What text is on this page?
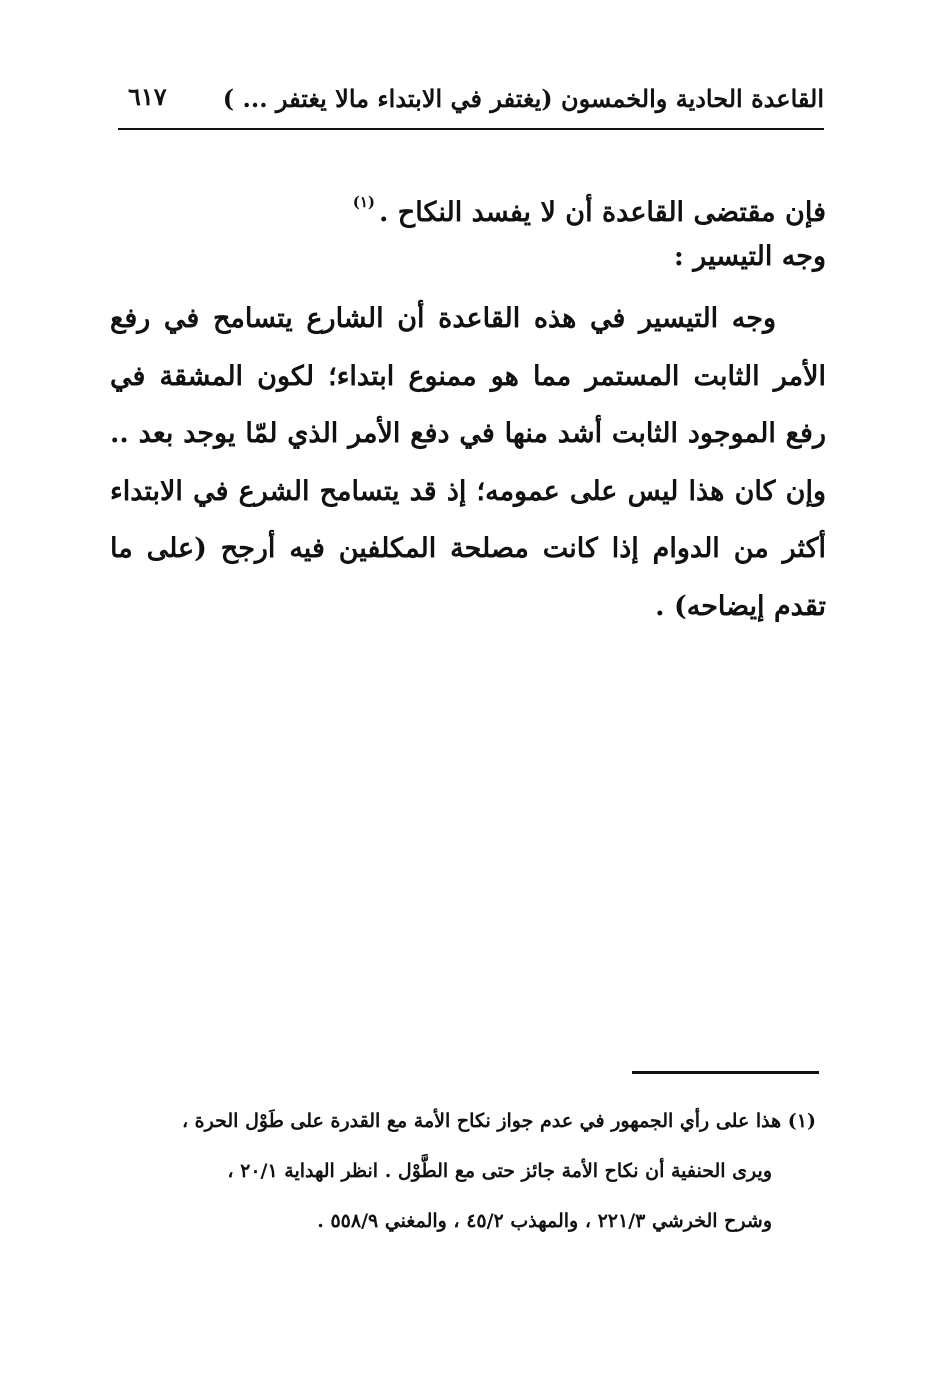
القاعدة الحادية والخمسون (يغتفر في الابتداء مالا يغتفر ... )
٦١٧
فإن مقتضى القاعدة أن لا يفسد النكاح .$^{(١)}$
وجه التيسير :

وجه التيسير في هذه القاعدة أن الشارع يتسامح في رفع الأمر الثابت المستمر مما هو ممنوع ابتداء؛ لكون المشقة في رفع الموجود الثابت أشد منها في دفع الأمر الذي لمّا يوجد بعد .. وإن كان هذا ليس على عمومه؛ إذ قد يتسامح الشرع في الابتداء أكثر من الدوام إذا كانت مصلحة المكلفين فيه أرجح (على ما تقدم إيضاحه) .

(١) هذا على رأي الجمهور في عدم جواز نكاح الأمة مع القدرة على طَوْل الحرة ،
ويرى الحنفية أن نكاح الأمة جائز حتى مع الطَّوْل . انظر الهداية ٢٠/١ ،
وشرح الخرشي ٢٢١/٣ ، والمهذب ٤٥/٢ ، والمغني ٥٥٨/٩ .
